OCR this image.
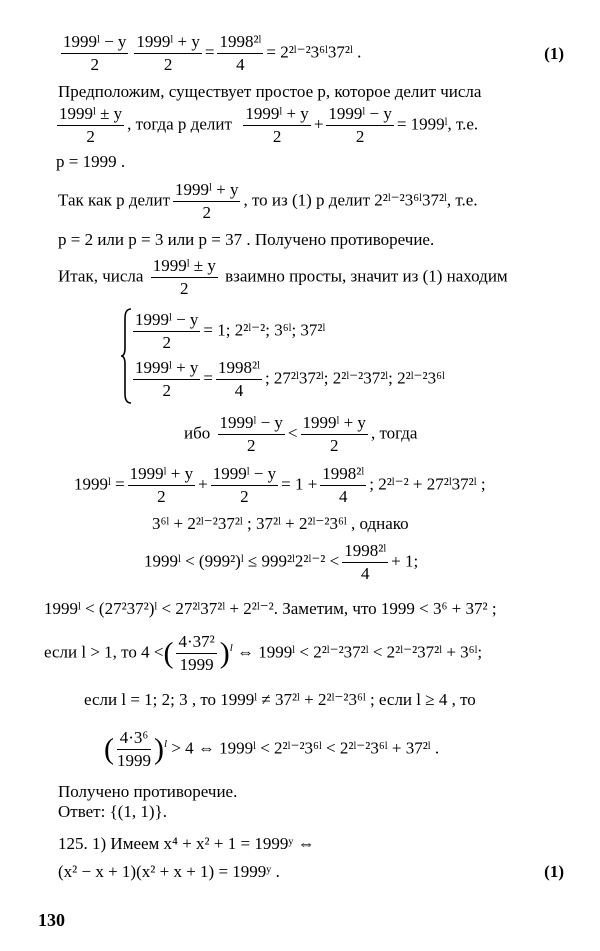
$\frac{\text{1999ˡ − y}}{2} \frac{\text{1999ˡ + y}}{2} = \frac{\text{1998²ˡ}}{4}$ = 2²ˡ⁻²3⁶ˡ37²ˡ .	(1)
Предположим, существует простое p, которое делит числа
$\frac{\text{1999ˡ ± y}}{2}$ , тогда p делит $\frac{\text{1999ˡ + y}}{2} + \frac{\text{1999ˡ − y}}{2}$ = 1999ˡ, т.е.
p = 1999 .
Так как p делит $\frac{\text{1999ˡ + y}}{2}$ , то из (1) p делит 2²ˡ⁻²3⁶ˡ37²ˡ, т.е.
p = 2 или p = 3 или p = 37 . Получено противоречие.
Итак, числа $\frac{\text{1999ˡ ± y}}{2}$ взаимно просты, значит из (1) находим
$\frac{\text{1999ˡ − y}}{2} = 1$; 2²ˡ⁻²; 3⁶ˡ; 37²ˡ
$\frac{\text{1999ˡ + y}}{2} = \frac{\text{1998²ˡ}}{4}$ ; 27²ˡ37²ˡ; 2²ˡ⁻²37²ˡ; 2²ˡ⁻²3⁶ˡ
ибо $\frac{\text{1999ˡ − y}}{2} < \frac{\text{1999ˡ + y}}{2}$ , тогда
1999ˡ = $\frac{\text{1999ˡ + y}}{2} + \frac{\text{1999ˡ − y}}{2} = 1 + \frac{\text{1998²ˡ}}{4}$ ; 2²ˡ⁻² + 27²ˡ37²ˡ ;
3⁶ˡ + 2²ˡ⁻²37²ˡ ; 37²ˡ + 2²ˡ⁻²3⁶ˡ , однако
1999ˡ < (999²)ˡ ≤ 999²ˡ2²ˡ⁻² < $\frac{\text{1998²ˡ}}{4} + 1$;
1999ˡ < (27²37²)ˡ < 27²ˡ37²ˡ + 2²ˡ⁻². Заметим, что 1999 < 3⁶ + 37² ;
если l > 1, то 4 <( $\frac{\text{4·37²}}{1999} )^l$ ⇔ 1999ˡ < 2²ˡ⁻²37²ˡ < 2²ˡ⁻²37²ˡ + 3⁶ˡ;
если l = 1; 2; 3 , то 1999ˡ ≠ 37²ˡ + 2²ˡ⁻²3⁶ˡ ; если l ≥ 4 , то
( $\frac{\text{4·3⁶}}{1999} )^l > 4$ ⇔ 1999ˡ < 2²ˡ⁻²3⁶ˡ < 2²ˡ⁻²3⁶ˡ + 37²ˡ .
Получено противоречие.
Ответ: {(1, 1)}.
125. 1) Имеем x⁴ + x² + 1 = 1999ʸ ⇔
(x² − x + 1)(x² + x + 1) = 1999ʸ .	(1)
130
